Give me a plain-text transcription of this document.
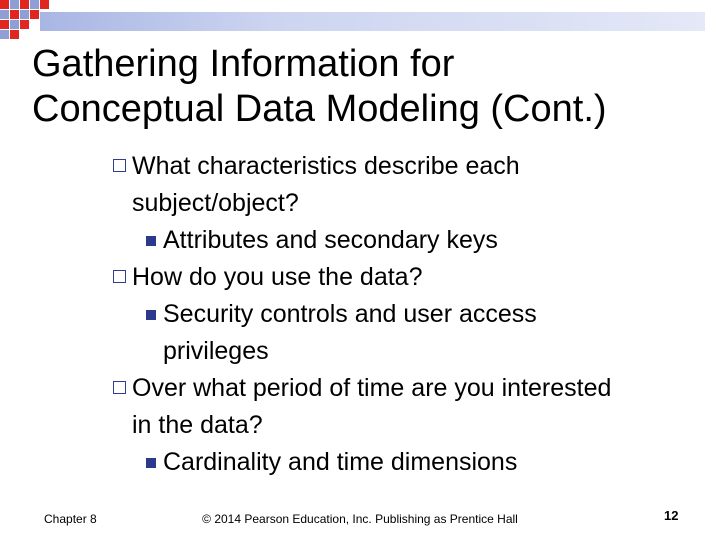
Gathering Information for
Conceptual Data Modeling (Cont.)
What characteristics describe each
subject/object?
Attributes and secondary keys
How do you use the data?
Security controls and user access
privileges
Over what period of time are you interested
in the data?
Cardinality and time dimensions
Chapter 8	© 2014 Pearson Education, Inc. Publishing as Prentice Hall	12
